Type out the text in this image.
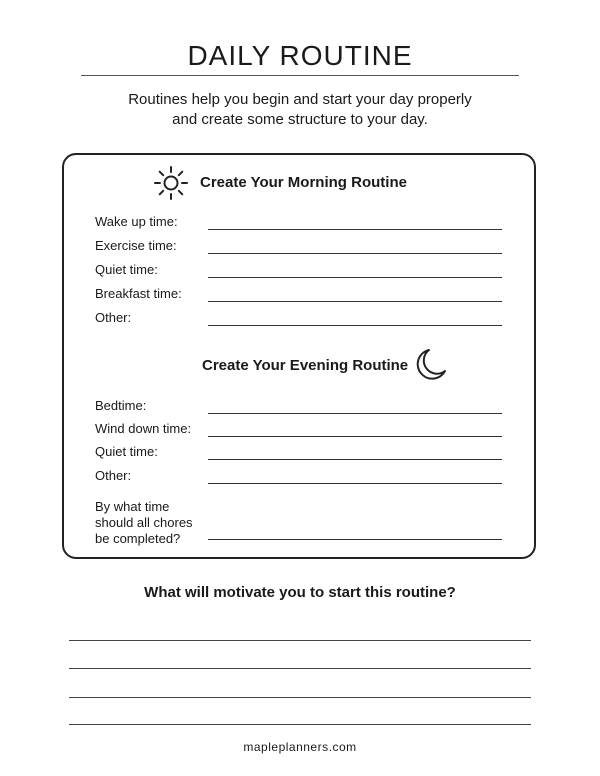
DAILY ROUTINE
Routines help you begin and start your day properly
and create some structure to your day.
Create Your Morning Routine
Wake up time:
Exercise time:
Quiet time:
Breakfast time:
Other:
Create Your Evening Routine
Bedtime:
Wind down time:
Quiet time:
Other:
By what time
should all chores
be completed?
What will motivate you to start this routine?
mapleplanners.com
